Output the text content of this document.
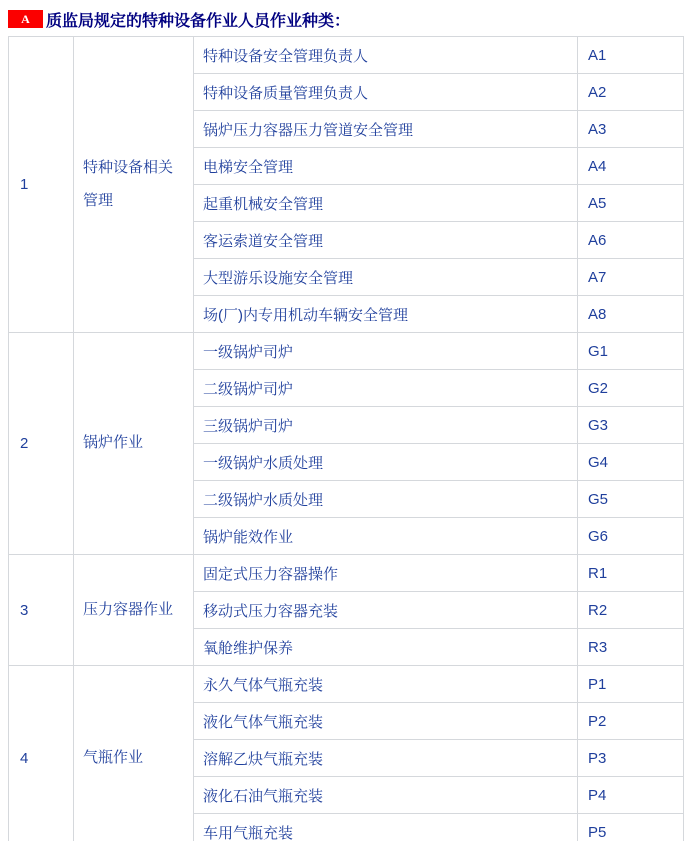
A	质监局规定的特种设备作业人员作业种类：
1	特种设备相关管理	特种设备安全管理负责人	A1
		特种设备质量管理负责人	A2
		锅炉压力容器压力管道安全管理	A3
		电梯安全管理	A4
		起重机械安全管理	A5
		客运索道安全管理	A6
		大型游乐设施安全管理	A7
		场(厂)内专用机动车辆安全管理	A8
2	锅炉作业	一级锅炉司炉	G1
		二级锅炉司炉	G2
		三级锅炉司炉	G3
		一级锅炉水质处理	G4
		二级锅炉水质处理	G5
		锅炉能效作业	G6
3	压力容器作业	固定式压力容器操作	R1
		移动式压力容器充装	R2
		氧舱维护保养	R3
4	气瓶作业	永久气体气瓶充装	P1
		液化气体气瓶充装	P2
		溶解乙炔气瓶充装	P3
		液化石油气瓶充装	P4
		车用气瓶充装	P5
